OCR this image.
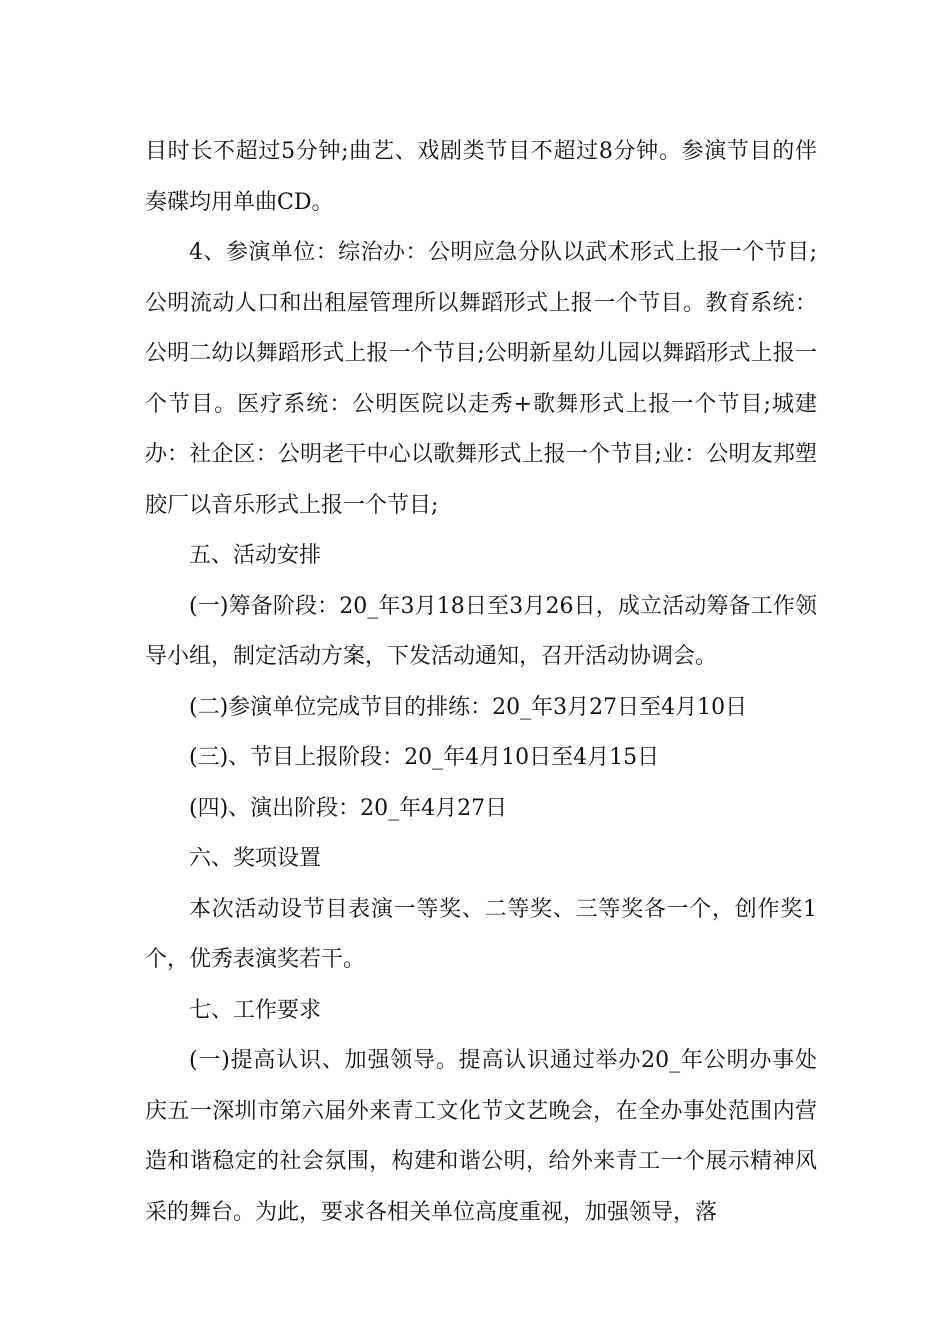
目时长不超过5分钟;曲艺、戏剧类节目不超过8分钟。参演节目的伴奏碟均用单曲CD。

4、参演单位：综治办：公明应急分队以武术形式上报一个节目;公明流动人口和出租屋管理所以舞蹈形式上报一个节目。教育系统：公明二幼以舞蹈形式上报一个节目;公明新星幼儿园以舞蹈形式上报一个节目。医疗系统：公明医院以走秀+歌舞形式上报一个节目;城建办：社企区：公明老干中心以歌舞形式上报一个节目;业：公明友邦塑胶厂以音乐形式上报一个节目;

五、活动安排

(一)筹备阶段：20_年3月18日至3月26日，成立活动筹备工作领导小组，制定活动方案，下发活动通知，召开活动协调会。

(二)参演单位完成节目的排练：20_年3月27日至4月10日

(三)、节目上报阶段：20_年4月10日至4月15日

(四)、演出阶段：20_年4月27日

六、奖项设置

本次活动设节目表演一等奖、二等奖、三等奖各一个，创作奖1个，优秀表演奖若干。

七、工作要求

(一)提高认识、加强领导。提高认识通过举办20_年公明办事处庆五一深圳市第六届外来青工文化节文艺晚会，在全办事处范围内营造和谐稳定的社会氛围，构建和谐公明，给外来青工一个展示精神风采的舞台。为此，要求各相关单位高度重视，加强领导，落
